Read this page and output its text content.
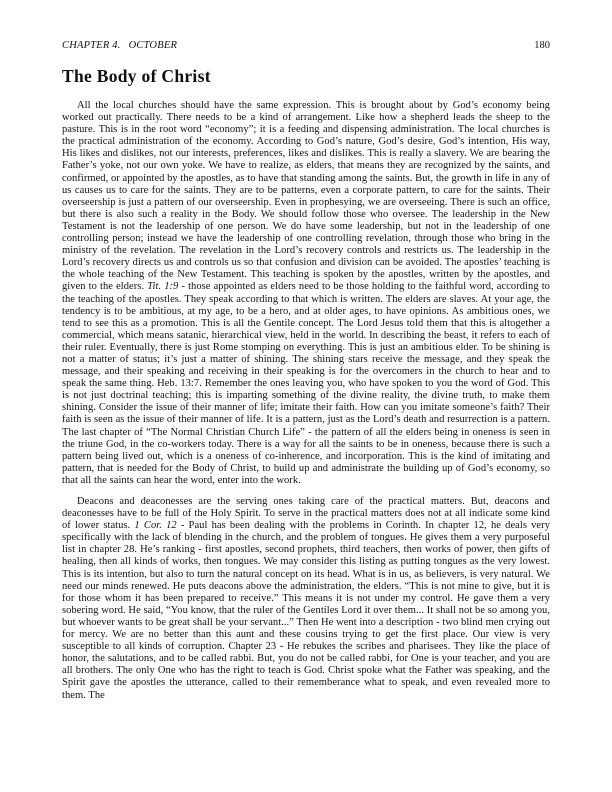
CHAPTER 4. OCTOBER	180
The Body of Christ

All the local churches should have the same expression. This is brought about by God’s economy being worked out practically. There needs to be a kind of arrangement. Like how a shepherd leads the sheep to the pasture. This is in the root word “economy”; it is a feeding and dispensing administration. The local churches is the practical administration of the economy. According to God’s nature, God’s desire, God’s intention, His way, His likes and dislikes, not our interests, preferences, likes and dislikes. This is really a slavery. We are bearing the Father’s yoke, not our own yoke. We have to realize, as elders, that means they are recognized by the saints, and confirmed, or appointed by the apostles, as to have that standing among the saints. But, the growth in life in any of us causes us to care for the saints. They are to be patterns, even a corporate pattern, to care for the saints. Their overseership is just a pattern of our overseership. Even in prophesying, we are overseeing. There is such an office, but there is also such a reality in the Body. We should follow those who oversee. The leadership in the New Testament is not the leadership of one person. We do have some leadership, but not in the leadership of one controlling person; instead we have the leadership of one controlling revelation, through those who bring in the ministry of the revelation. The revelation in the Lord’s recovery controls and restricts us. The leadership in the Lord’s recovery directs us and controls us so that confusion and division can be avoided. The apostles’ teaching is the whole teaching of the New Testament. This teaching is spoken by the apostles, written by the apostles, and given to the elders. Tit. 1:9 - those appointed as elders need to be those holding to the faithful word, according to the teaching of the apostles. They speak according to that which is written. The elders are slaves. At your age, the tendency is to be ambitious, at my age, to be a hero, and at older ages, to have opinions. As ambitious ones, we tend to see this as a promotion. This is all the Gentile concept. The Lord Jesus told them that this is altogether a commercial, which means satanic, hierarchical view, held in the world. In describing the beast, it refers to each of their ruler. Eventually, there is just Rome stomping on everything. This is just an ambitious elder. To be shining is not a matter of status; it’s just a matter of shining. The shining stars receive the message, and they speak the message, and their speaking and receiving in their speaking is for the overcomers in the church to hear and to speak the same thing. Heb. 13:7. Remember the ones leaving you, who have spoken to you the word of God. This is not just doctrinal teaching; this is imparting something of the divine reality, the divine truth, to make them shining. Consider the issue of their manner of life; imitate their faith. How can you imitate someone’s faith? Their faith is seen as the issue of their manner of life. It is a pattern, just as the Lord’s death and resurrection is a pattern. The last chapter of “The Normal Christian Church Life” - the pattern of all the elders being in oneness is seen in the triune God, in the co-workers today. There is a way for all the saints to be in oneness, because there is such a pattern being lived out, which is a oneness of co-inherence, and incorporation. This is the kind of imitating and pattern, that is needed for the Body of Christ, to build up and administrate the building up of God’s economy, so that all the saints can hear the word, enter into the work.

Deacons and deaconesses are the serving ones taking care of the practical matters. But, deacons and deaconesses have to be full of the Holy Spirit. To serve in the practical matters does not at all indicate some kind of lower status. 1 Cor. 12 - Paul has been dealing with the problems in Corinth. In chapter 12, he deals very specifically with the lack of blending in the church, and the problem of tongues. He gives them a very purposeful list in chapter 28. He’s ranking - first apostles, second prophets, third teachers, then works of power, then gifts of healing, then all kinds of works, then tongues. We may consider this listing as putting tongues as the very lowest. This is its intention, but also to turn the natural concept on its head. What is in us, as believers, is very natural. We need our minds renewed. He puts deacons above the administration, the elders. “This is not mine to give, but it is for those whom it has been prepared to receive.” This means it is not under my control. He gave them a very sobering word. He said, “You know, that the ruler of the Gentiles Lord it over them... It shall not be so among you, but whoever wants to be great shall be your servant...” Then He went into a description - two blind men crying out for mercy. We are no better than this aunt and these cousins trying to get the first place. Our view is very susceptible to all kinds of corruption. Chapter 23 - He rebukes the scribes and pharisees. They like the place of honor, the salutations, and to be called rabbi. But, you do not be called rabbi, for One is your teacher, and you are all brothers. The only One who has the right to teach is God. Christ spoke what the Father was speaking, and the Spirit gave the apostles the utterance, called to their rememberance what to speak, and even revealed more to them. The
